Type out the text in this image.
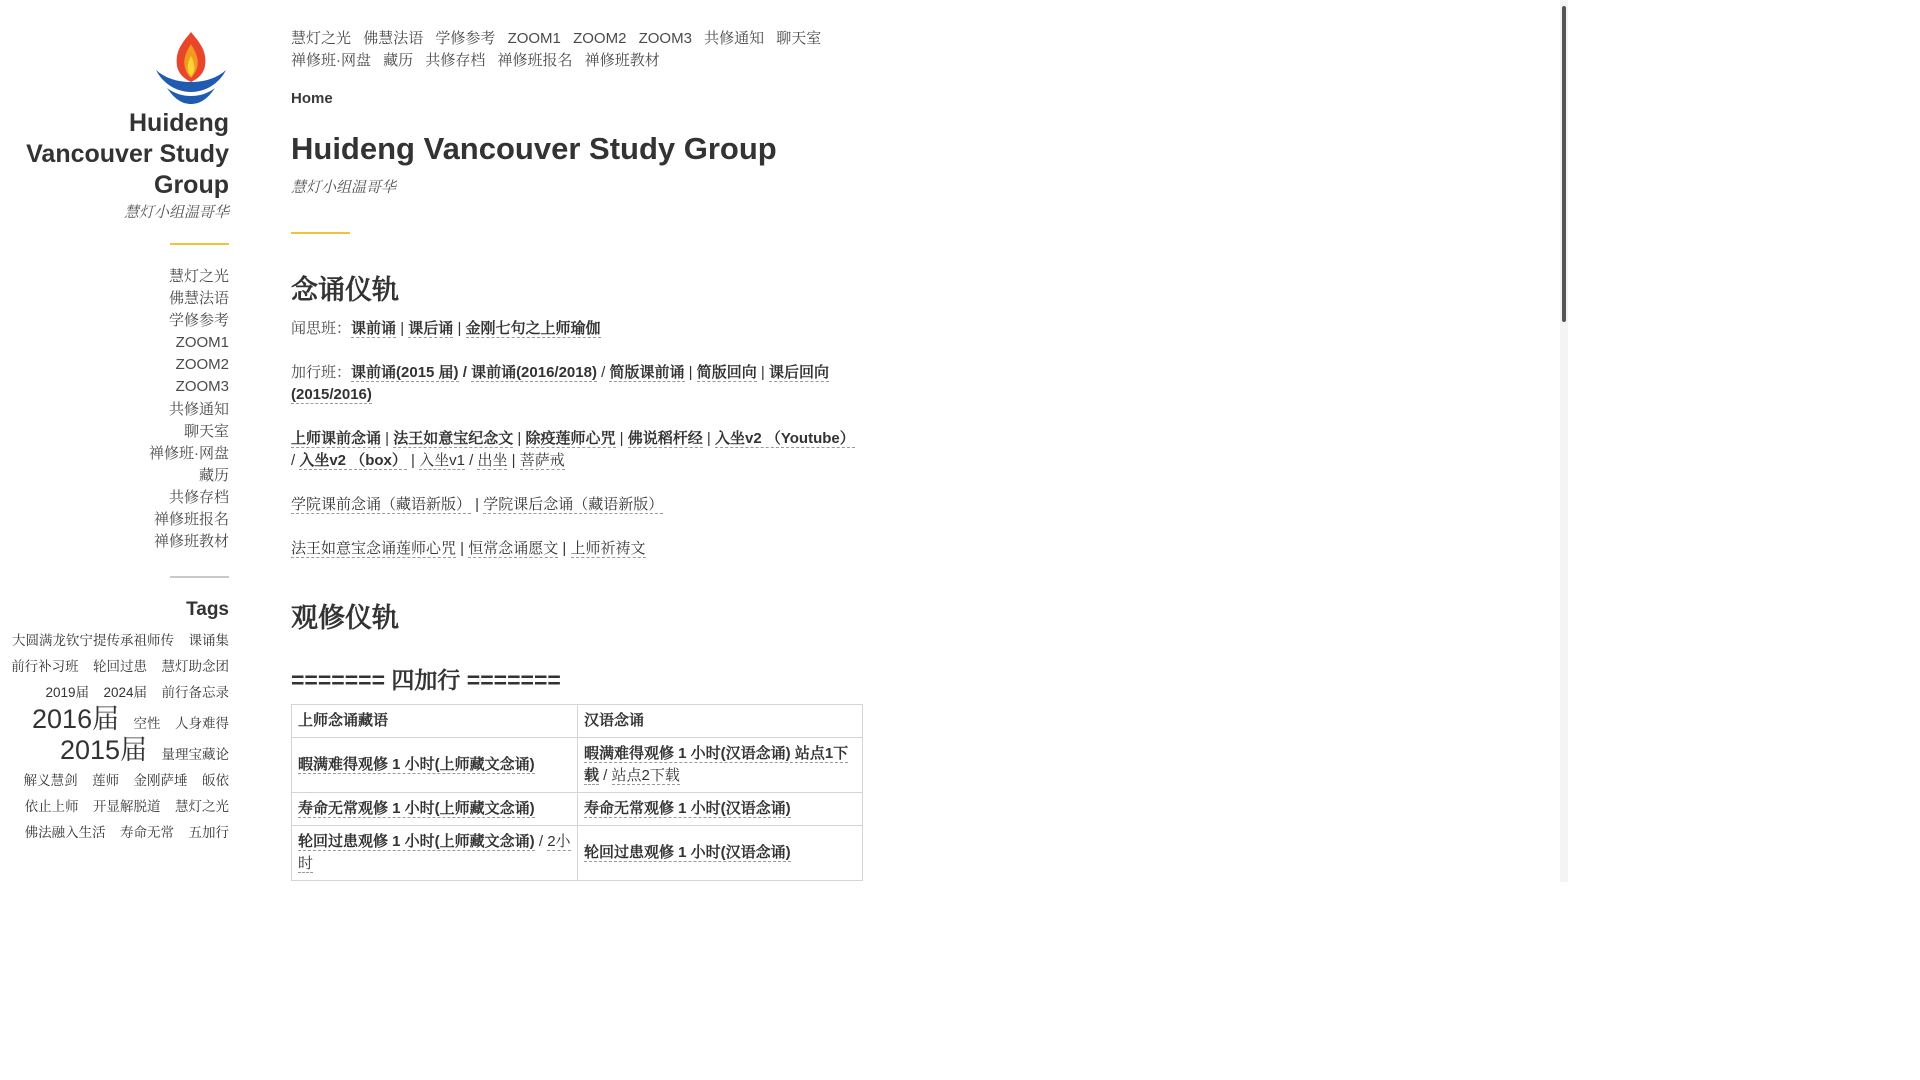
Huideng Vancouver Study Group
慧灯小组温哥华
慧灯之光
佛慧法语
学修参考
ZOOM1
ZOOM2
ZOOM3
共修通知
聊天室
禅修班·网盘
藏历
共修存档
禅修班报名
禅修班教材
Tags
大圆满龙钦宁提传承祖师传 课诵集 前行补习班 轮回过患 慧灯助念团 2019届 2024届 前行备忘录 2016届 空性 人身难得 2015届 量理宝藏论 解义慧剑 莲师 金刚萨埵 皈依 依止上师 开显解脱道 慧灯之光 佛法融入生活 寿命无常 五加行
慧灯之光 佛慧法语 学修参考 ZOOM1 ZOOM2 ZOOM3 共修通知 聊天室
禅修班·网盘 藏历 共修存档 禅修班报名 禅修班教材
Home
Huideng Vancouver Study Group
慧灯小组温哥华
念诵仪轨
闻思班：课前诵 | 课后诵 | 金刚七句之上师瑜伽
加行班：课前诵(2015 届) / 课前诵(2016/2018) / 简版课前诵 | 简版回向 | 课后回向(2015/2016)
上师课前念诵 | 法王如意宝纪念文 | 除疫莲师心咒 | 佛说稻杆经 | 入坐v2 （Youtube） / 入坐v2 （box） | 入坐v1 / 出坐 | 菩萨戒
学院课前念诵（藏语新版） | 学院课后念诵（藏语新版）
法王如意宝念诵莲师心咒 | 恒常念诵愿文 | 上师祈祷文
观修仪轨
======= 四加行 =======
上师念诵藏语	汉语念诵
暇满难得观修 1 小时(上师藏文念诵)	暇满难得观修 1 小时(汉语念诵) 站点1下载 / 站点2下载
寿命无常观修 1 小时(上师藏文念诵)	寿命无常观修 1 小时(汉语念诵)
轮回过患观修 1 小时(上师藏文念诵) / 2小时	轮回过患观修 1 小时(汉语念诵)
